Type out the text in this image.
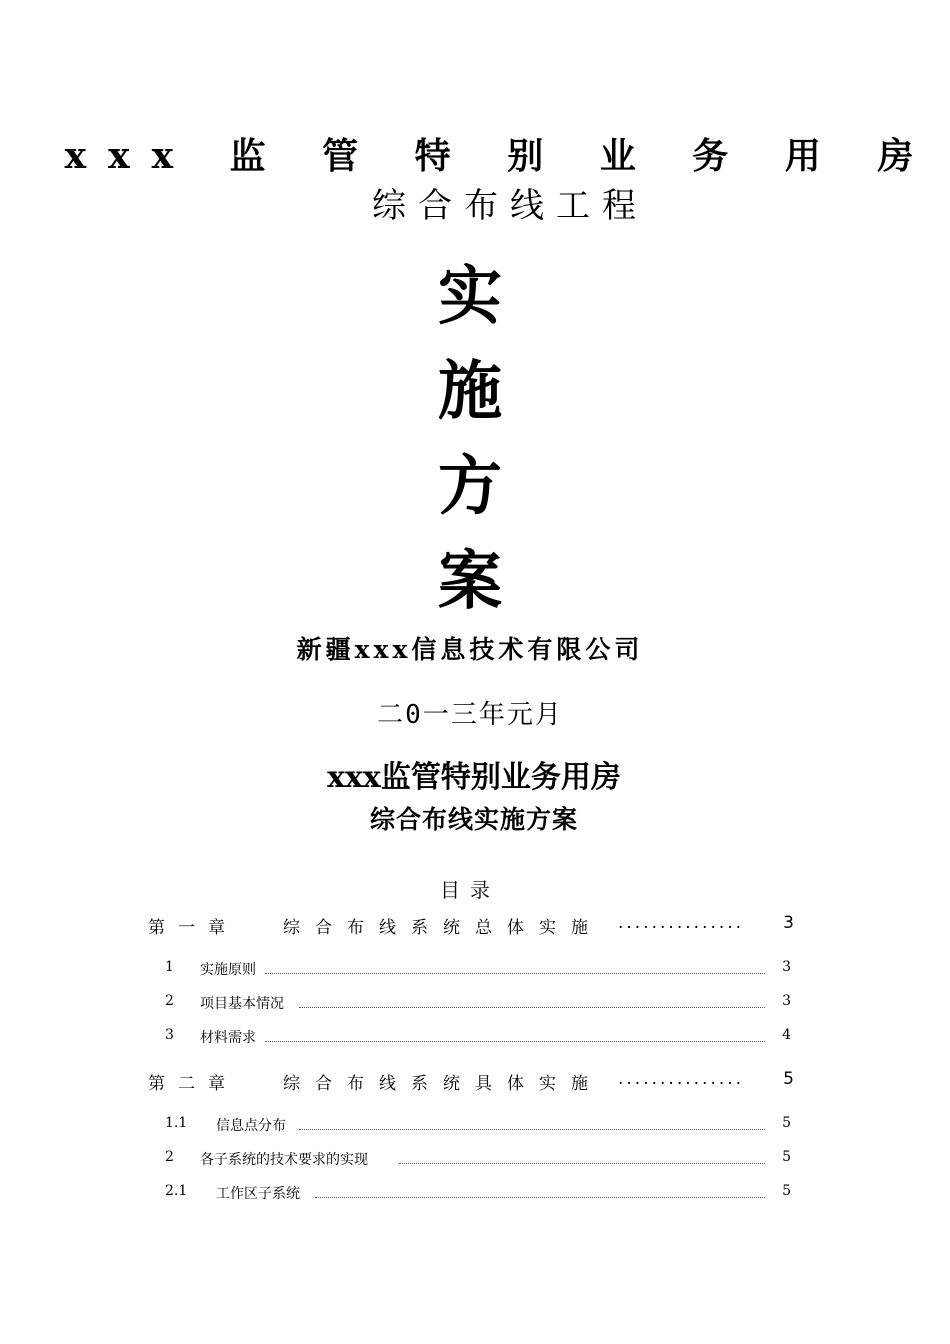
xxx 监 管 特 别 业 务 用 房
综合布线工程
实
施
方
案
新疆xxx信息技术有限公司
二0一三年元月
xxx监管特别业务用房
综合布线实施方案
目录
第一章	综合布线系统总体实施 ............... 3
1 实施原则	3
2 项目基本情况	3
3 材料需求	4
第二章	综合布线系统具体实施 ............... 5
1.1 信息点分布	5
2 各子系统的技术要求的实现	5
2.1 工作区子系统	5
